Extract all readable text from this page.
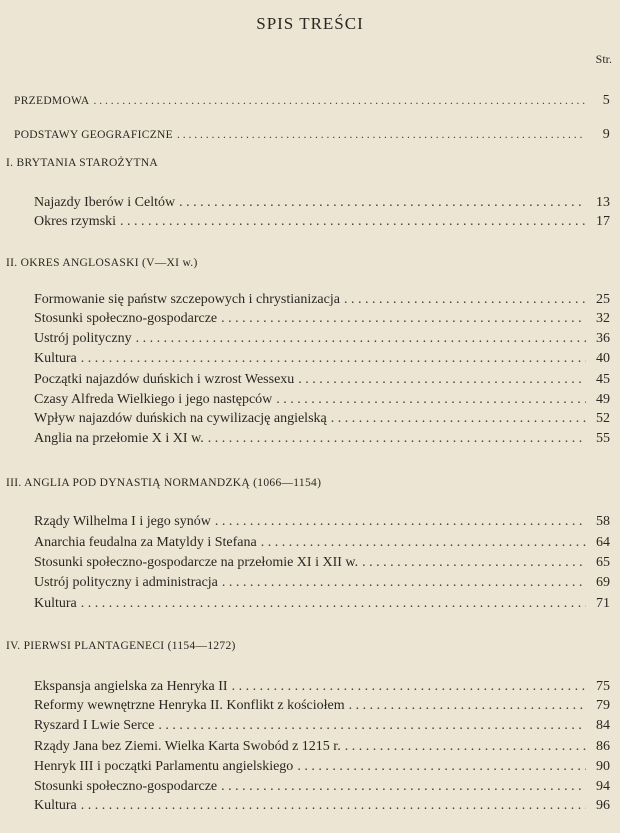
SPIS TREŚCI
Str.
PRZEDMOWA . . .	5
PODSTAWY GEOGRAFICZNE . . .	9
I. BRYTANIA STAROŻYTNA
Najazdy Iberów i Celtów . . .	13
Okres rzymski . . .	17
II. OKRES ANGLOSASKI (V—XI w.)
Formowanie się państw szczepowych i chrystianizacja . . .	25
Stosunki społeczno-gospodarcze . . .	32
Ustrój polityczny . . .	36
Kultura . . .	40
Początki najazdów duńskich i wzrost Wessexu . . .	45
Czasy Alfreda Wielkiego i jego następców . . .	49
Wpływ najazdów duńskich na cywilizację angielską . . .	52
Anglia na przełomie X i XI w. . . .	55
III. ANGLIA POD DYNASTIĄ NORMANDZKĄ (1066—1154)
Rządy Wilhelma I i jego synów . . .	58
Anarchia feudalna za Matyldy i Stefana . . .	64
Stosunki społeczno-gospodarcze na przełomie XI i XII w. . . .	65
Ustrój polityczny i administracja . . .	69
Kultura . . .	71
IV. PIERWSI PLANTAGENECI (1154—1272)
Ekspansja angielska za Henryka II . . .	75
Reformy wewnętrzne Henryka II. Konflikt z kościołem . . .	79
Ryszard I Lwie Serce . . .	84
Rządy Jana bez Ziemi. Wielka Karta Swobód z 1215 r. . . .	86
Henryk III i początki Parlamentu angielskiego . . .	90
Stosunki społeczno-gospodarcze . . .	94
Kultura . . .	96
